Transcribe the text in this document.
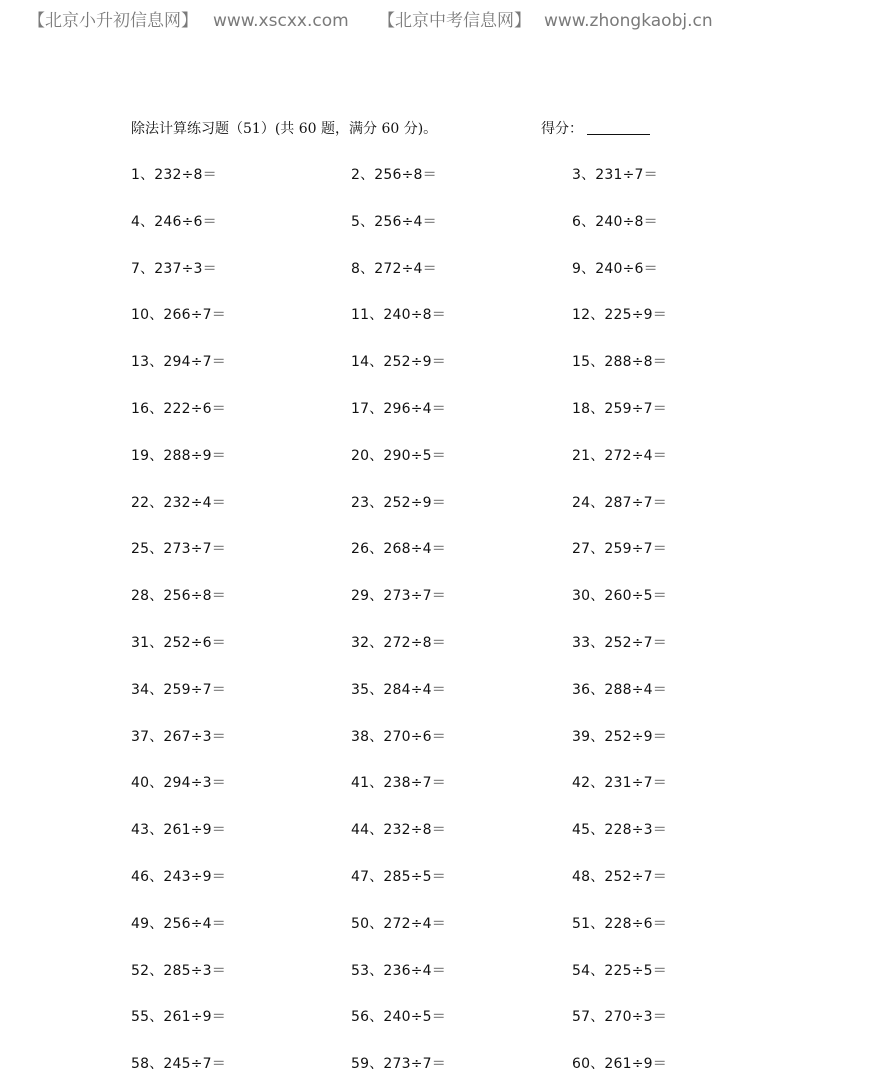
【北京小升初信息网】 www.xscxx.com 【北京中考信息网】 www.zhongkaobj.cn
除法计算练习题（51）(共 60 题，满分 60 分)。	得分：
1、232÷8＝	2、256÷8＝	3、231÷7＝
4、246÷6＝	5、256÷4＝	6、240÷8＝
7、237÷3＝	8、272÷4＝	9、240÷6＝
10、266÷7＝	11、240÷8＝	12、225÷9＝
13、294÷7＝	14、252÷9＝	15、288÷8＝
16、222÷6＝	17、296÷4＝	18、259÷7＝
19、288÷9＝	20、290÷5＝	21、272÷4＝
22、232÷4＝	23、252÷9＝	24、287÷7＝
25、273÷7＝	26、268÷4＝	27、259÷7＝
28、256÷8＝	29、273÷7＝	30、260÷5＝
31、252÷6＝	32、272÷8＝	33、252÷7＝
34、259÷7＝	35、284÷4＝	36、288÷4＝
37、267÷3＝	38、270÷6＝	39、252÷9＝
40、294÷3＝	41、238÷7＝	42、231÷7＝
43、261÷9＝	44、232÷8＝	45、228÷3＝
46、243÷9＝	47、285÷5＝	48、252÷7＝
49、256÷4＝	50、272÷4＝	51、228÷6＝
52、285÷3＝	53、236÷4＝	54、225÷5＝
55、261÷9＝	56、240÷5＝	57、270÷3＝
58、245÷7＝	59、273÷7＝	60、261÷9＝
